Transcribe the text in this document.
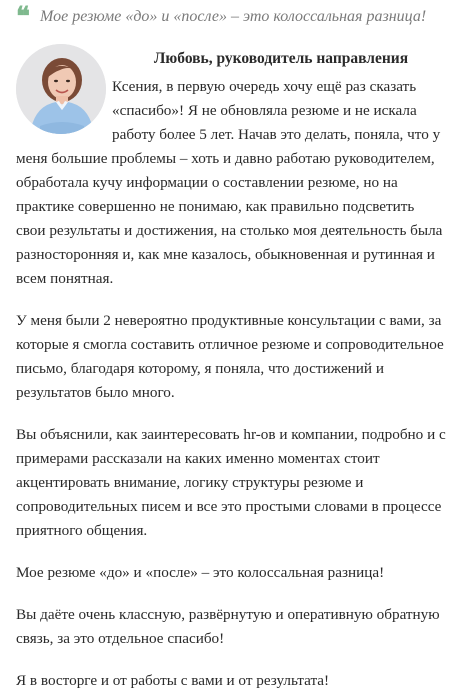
❝ Мое резюме «до» и «после» – это колоссальная разница!
Любовь, руководитель направления

Ксения, в первую очередь хочу ещё раз сказать «спасибо»! Я не обновляла резюме и не искала работу более 5 лет. Начав это делать, поняла, что у меня большие проблемы – хоть и давно работаю руководителем, обработала кучу информации о составлении резюме, но на практике совершенно не понимаю, как правильно подсветить свои результаты и достижения, на столько моя деятельность была разносторонняя и, как мне казалось, обыкновенная и рутинная и всем понятная.

У меня были 2 невероятно продуктивные консультации с вами, за которые я смогла составить отличное резюме и сопроводительное письмо, благодаря которому, я поняла, что достижений и результатов было много.

Вы объяснили, как заинтересовать hr-ов и компании, подробно и с примерами рассказали на каких именно моментах стоит акцентировать внимание, логику структуры резюме и сопроводительных писем и все это простыми словами в процессе приятного общения.

Мое резюме «до» и «после» – это колоссальная разница!

Вы даёте очень классную, развёрнутую и оперативную обратную связь, за это отдельное спасибо!

Я в восторге и от работы с вами и от результата!
